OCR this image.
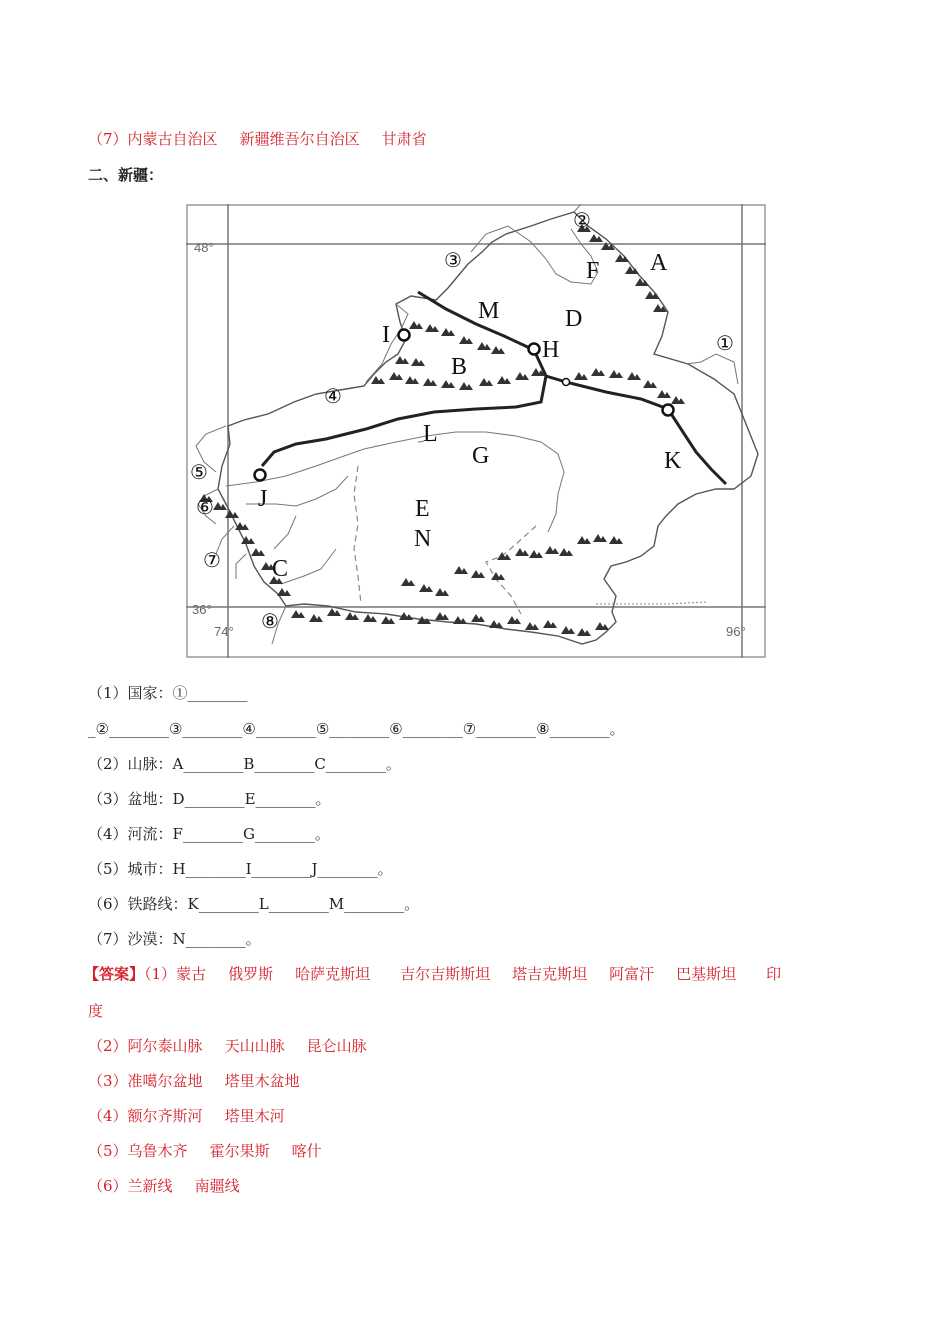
（7）内蒙古自治区 新疆维吾尔自治区 甘肃省
二、新疆：
48°
36°
74°	96°
①
②
③
④
⑤
⑥
⑦
⑧
A
B
C
D
E
F
G
H
I
J
K
L
M
N
（1）国家：①________
_②________③________④________⑤________⑥________⑦________⑧________。
（2）山脉：A________B________C________。
（3）盆地：D________E________。
（4）河流：F________G________。
（5）城市：H________I________J________。
（6）铁路线：K________L________M________。
（7）沙漠：N________。
【答案】（1）蒙古 俄罗斯 哈萨克斯坦 吉尔吉斯斯坦 塔吉克斯坦 阿富汗 巴基斯坦 印
度
（2）阿尔泰山脉 天山山脉 昆仑山脉
（3）准噶尔盆地 塔里木盆地
（4）额尔齐斯河 塔里木河
（5）乌鲁木齐 霍尔果斯 喀什
（6）兰新线 南疆线
